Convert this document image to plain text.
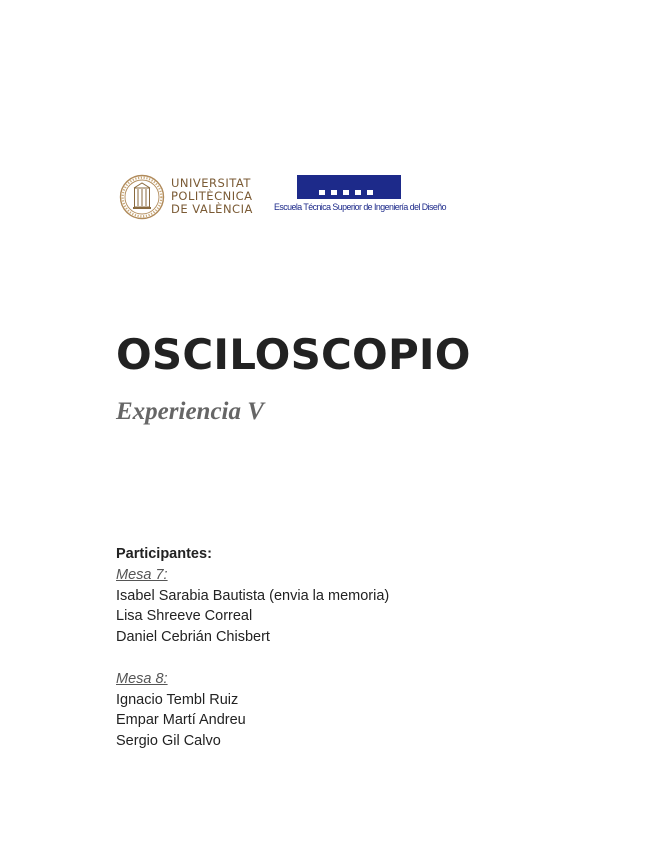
UNIVERSITAT
POLITÈCNICA
DE VALÈNCIA Escuela Técnica Superior de Ingeniería del Diseño
OSCILOSCOPIO
Experiencia V
Participantes:
Mesa 7:
Isabel Sarabia Bautista (envia la memoria)
Lisa Shreeve Correal
Daniel Cebrián Chisbert
Mesa 8:
Ignacio Tembl Ruiz
Empar Martí Andreu
Sergio Gil Calvo
